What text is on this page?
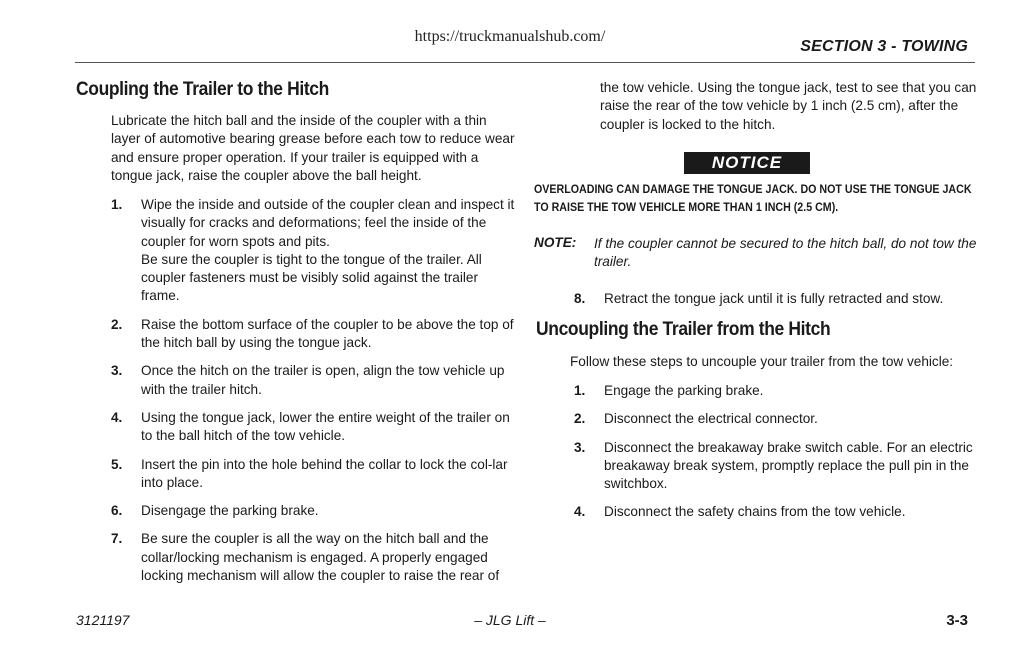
https://truckmanualshub.com/
SECTION 3 - TOWING
Coupling the Trailer to the Hitch
Lubricate the hitch ball and the inside of the coupler with a thin layer of automotive bearing grease before each tow to reduce wear and ensure proper operation. If your trailer is equipped with a tongue jack, raise the coupler above the ball height.
1. Wipe the inside and outside of the coupler clean and inspect it visually for cracks and deformations; feel the inside of the coupler for worn spots and pits.
Be sure the coupler is tight to the tongue of the trailer. All coupler fasteners must be visibly solid against the trailer frame.
2. Raise the bottom surface of the coupler to be above the top of the hitch ball by using the tongue jack.
3. Once the hitch on the trailer is open, align the tow vehicle up with the trailer hitch.
4. Using the tongue jack, lower the entire weight of the trailer on to the ball hitch of the tow vehicle.
5. Insert the pin into the hole behind the collar to lock the col-lar into place.
6. Disengage the parking brake.
7. Be sure the coupler is all the way on the hitch ball and the collar/locking mechanism is engaged. A properly engaged locking mechanism will allow the coupler to raise the rear of
the tow vehicle. Using the tongue jack, test to see that you can raise the rear of the tow vehicle by 1 inch (2.5 cm), after the coupler is locked to the hitch.
NOTICE
OVERLOADING CAN DAMAGE THE TONGUE JACK. DO NOT USE THE TONGUE JACK TO RAISE THE TOW VEHICLE MORE THAN 1 INCH (2.5 CM).
NOTE: If the coupler cannot be secured to the hitch ball, do not tow the trailer.
8. Retract the tongue jack until it is fully retracted and stow.
Uncoupling the Trailer from the Hitch
Follow these steps to uncouple your trailer from the tow vehicle:
1. Engage the parking brake.
2. Disconnect the electrical connector.
3. Disconnect the breakaway brake switch cable. For an electric breakaway break system, promptly replace the pull pin in the switchbox.
4. Disconnect the safety chains from the tow vehicle.
3121197	– JLG Lift –	3-3
